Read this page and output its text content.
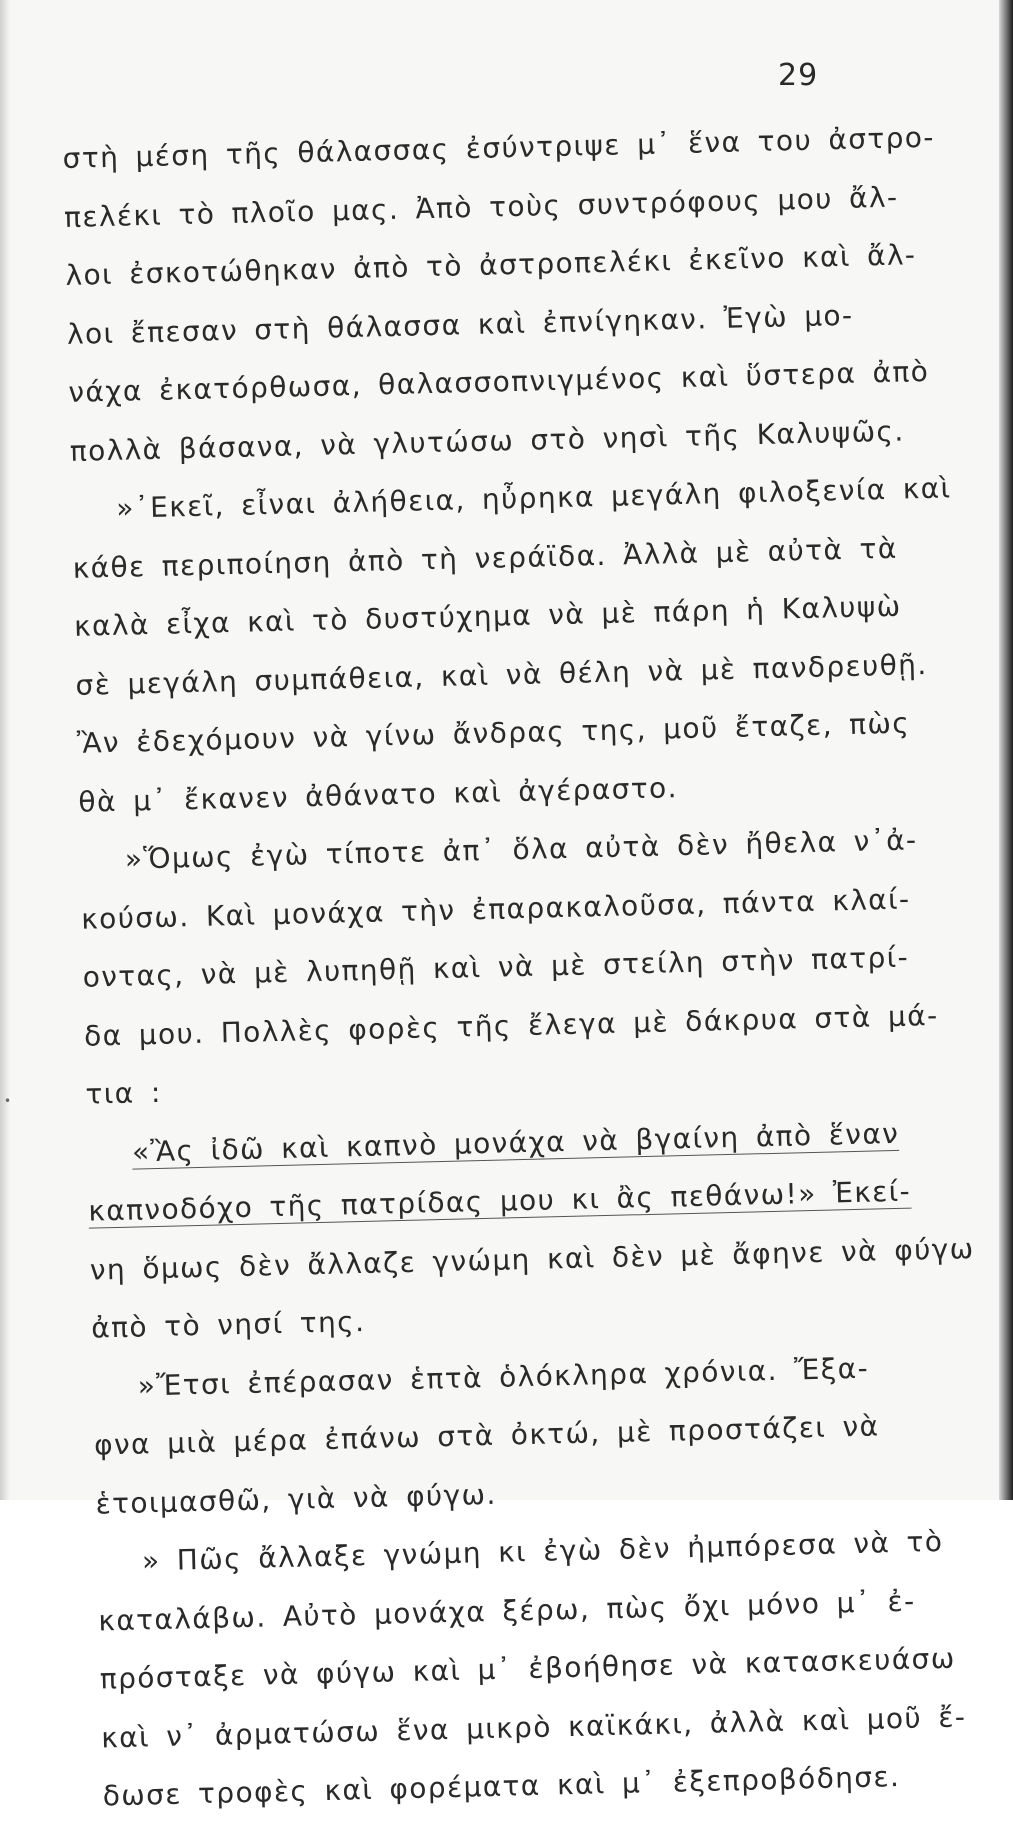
29
•
στὴ μέση τῆς θάλασσας ἐσύντριψε μ᾿ ἕνα του ἀστρο-
πελέκι τὸ πλοῖο μας. Ἀπὸ τοὺς συντρόφους μου ἄλ-
λοι ἐσκοτώθηκαν ἀπὸ τὸ ἀστροπελέκι ἐκεῖνο καὶ ἄλ-
λοι ἔπεσαν στὴ θάλασσα καὶ ἐπνίγηκαν. Ἐγὼ μο-
νάχα ἐκατόρθωσα, θαλασσοπνιγμένος καὶ ὕστερα ἀπὸ
πολλὰ βάσανα, νὰ γλυτώσω στὸ νησὶ τῆς Καλυψῶς.
»᾿Εκεῖ, εἶναι ἀλήθεια, ηὖρηκα μεγάλη φιλοξενία καὶ
κάθε περιποίηση ἀπὸ τὴ νεράϊδα. Ἀλλὰ μὲ αὐτὰ τὰ
καλὰ εἶχα καὶ τὸ δυστύχημα νὰ μὲ πάρη ἡ Καλυψὼ
σὲ μεγάλη συμπάθεια, καὶ νὰ θέλη νὰ μὲ πανδρευθῇ.
Ἂν ἐδεχόμουν νὰ γίνω ἄνδρας της, μοῦ ἔταζε, πὼς
θὰ μ᾿ ἔκανεν ἀθάνατο καὶ ἀγέραστο.
»Ὅμως ἐγὼ τίποτε ἀπ᾿ ὅλα αὐτὰ δὲν ἤθελα ν᾿ἀ-
κούσω. Καὶ μονάχα τὴν ἐπαρακαλοῦσα, πάντα κλαί-
οντας, νὰ μὲ λυπηθῇ καὶ νὰ μὲ στείλη στὴν πατρί-
δα μου. Πολλὲς φορὲς τῆς ἔλεγα μὲ δάκρυα στὰ μά-
τια :
«Ἂς ἰδῶ καὶ καπνὸ μονάχα νὰ βγαίνη ἀπὸ ἕναν
καπνοδόχο τῆς πατρίδας μου κι ἂς πεθάνω!» Ἐκεί-
νη ὅμως δὲν ἄλλαζε γνώμη καὶ δὲν μὲ ἄφηνε νὰ φύγω
ἀπὸ τὸ νησί της.
»Ἔτσι ἐπέρασαν ἑπτὰ ὁλόκληρα χρόνια. Ἔξα-
φνα μιὰ μέρα ἐπάνω στὰ ὀκτώ, μὲ προστάζει νὰ
ἑτοιμασθῶ, γιὰ νὰ φύγω.
» Πῶς ἄλλαξε γνώμη κι ἐγὼ δὲν ἠμπόρεσα νὰ τὸ
καταλάβω. Αὐτὸ μονάχα ξέρω, πὼς ὄχι μόνο μ᾿ ἐ-
πρόσταξε νὰ φύγω καὶ μ᾿ ἐβοήθησε νὰ κατασκευάσω
καὶ ν᾿ ἀρματώσω ἕνα μικρὸ καϊκάκι, ἀλλὰ καὶ μοῦ ἔ-
δωσε τροφὲς καὶ φορέματα καὶ μ᾿ ἐξεπροβόδησε.
